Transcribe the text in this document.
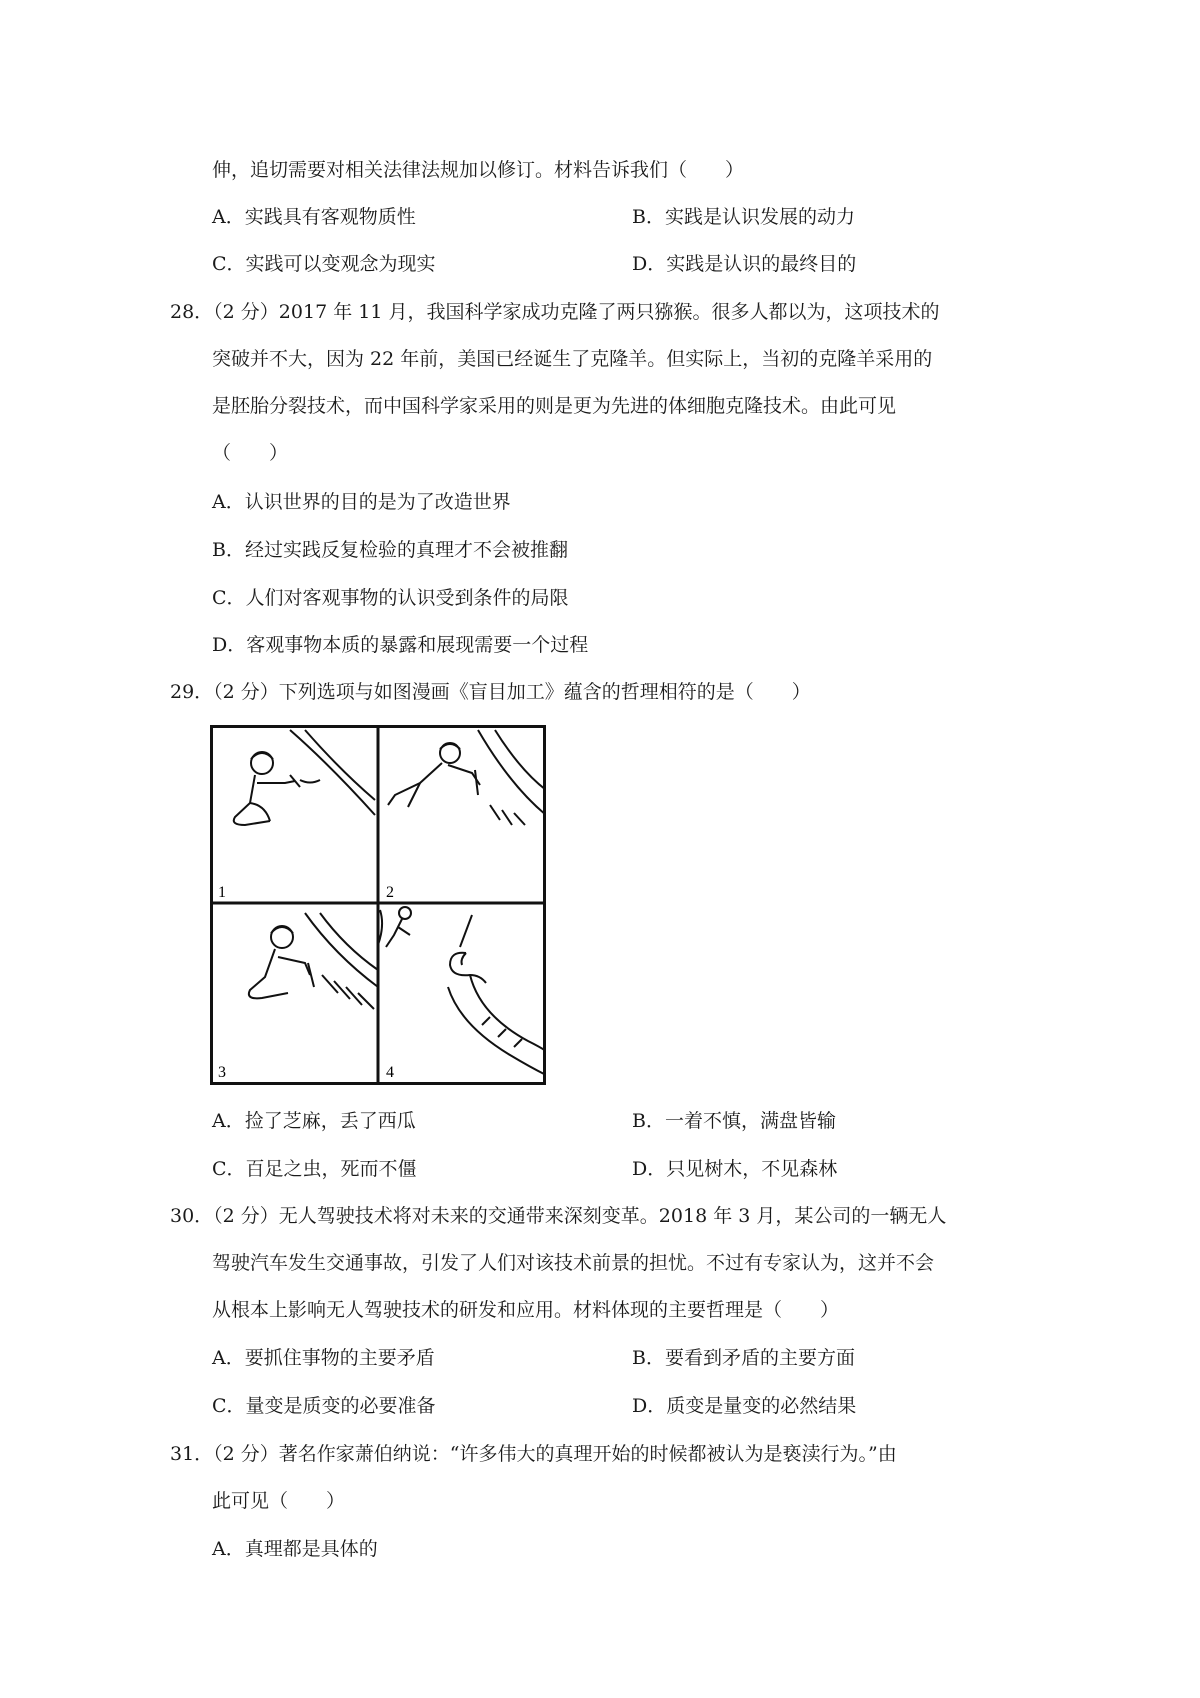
伸，追切需要对相关法律法规加以修订。材料告诉我们（　　）
A．实践具有客观物质性	B．实践是认识发展的动力
C．实践可以变观念为现实	D．实践是认识的最终目的
28．（2 分）2017 年 11 月，我国科学家成功克隆了两只猕猴。很多人都以为，这项技术的
突破并不大，因为 22 年前，美国已经诞生了克隆羊。但实际上，当初的克隆羊采用的
是胚胎分裂技术，而中国科学家采用的则是更为先进的体细胞克隆技术。由此可见
（　　）
A．认识世界的目的是为了改造世界
B．经过实践反复检验的真理才不会被推翻
C．人们对客观事物的认识受到条件的局限
D．客观事物本质的暴露和展现需要一个过程
29．（2 分）下列选项与如图漫画《盲目加工》蕴含的哲理相符的是（　　）
1	2
3	4
A．捡了芝麻，丢了西瓜	B．一着不慎，满盘皆输
C．百足之虫，死而不僵	D．只见树木，不见森林
30．（2 分）无人驾驶技术将对未来的交通带来深刻变革。2018 年 3 月，某公司的一辆无人
驾驶汽车发生交通事故，引发了人们对该技术前景的担忧。不过有专家认为，这并不会
从根本上影响无人驾驶技术的研发和应用。材料体现的主要哲理是（　　）
A．要抓住事物的主要矛盾	B．要看到矛盾的主要方面
C．量变是质变的必要准备	D．质变是量变的必然结果
31．（2 分）著名作家萧伯纳说：“许多伟大的真理开始的时候都被认为是亵渎行为。”由
此可见（　　）
A．真理都是具体的
